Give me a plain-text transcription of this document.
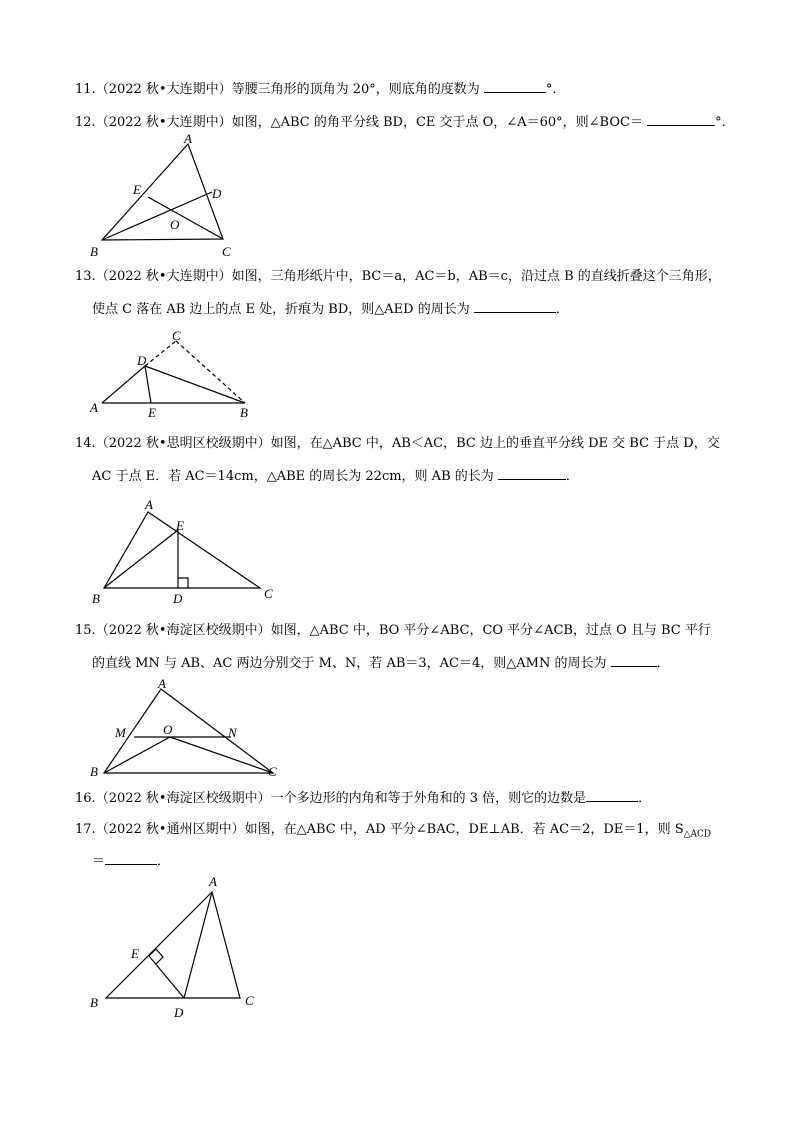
11.（2022 秋•大连期中）等腰三角形的顶角为 20°，则底角的度数为	°．
12.（2022 秋•大连期中）如图，△ABC 的角平分线 BD，CE 交于点 O，∠A＝60°，则∠BOC＝	°．
A
B	C
D
E
O
13.（2022 秋•大连期中）如图，三角形纸片中，BC＝a，AC＝b，AB＝c，沿过点 B 的直线折叠这个三角形，
使点 C 落在 AB 边上的点 E 处，折痕为 BD，则△AED 的周长为	．
C
D
A	E	B
14.（2022 秋•思明区校级期中）如图，在△ABC 中，AB＜AC，BC 边上的垂直平分线 DE 交 BC 于点 D，交
AC 于点 E．若 AC＝14cm，△ABE 的周长为 22cm，则 AB 的长为	．
A
E
B	D	C
15.（2022 秋•海淀区校级期中）如图，△ABC 中，BO 平分∠ABC，CO 平分∠ACB，过点 O 且与 BC 平行
的直线 MN 与 AB、AC 两边分别交于 M、N，若 AB＝3，AC＝4，则△AMN 的周长为	．
A
M	O	N
B	C
16.（2022 秋•海淀区校级期中）一个多边形的内角和等于外角和的 3 倍，则它的边数是	．
17.（2022 秋•通州区期中）如图，在△ABC 中，AD 平分∠BAC，DE⊥AB．若 AC＝2，DE＝1，则 $S_{\triangle ACD}$
＝	．
A
E
B
D
C
